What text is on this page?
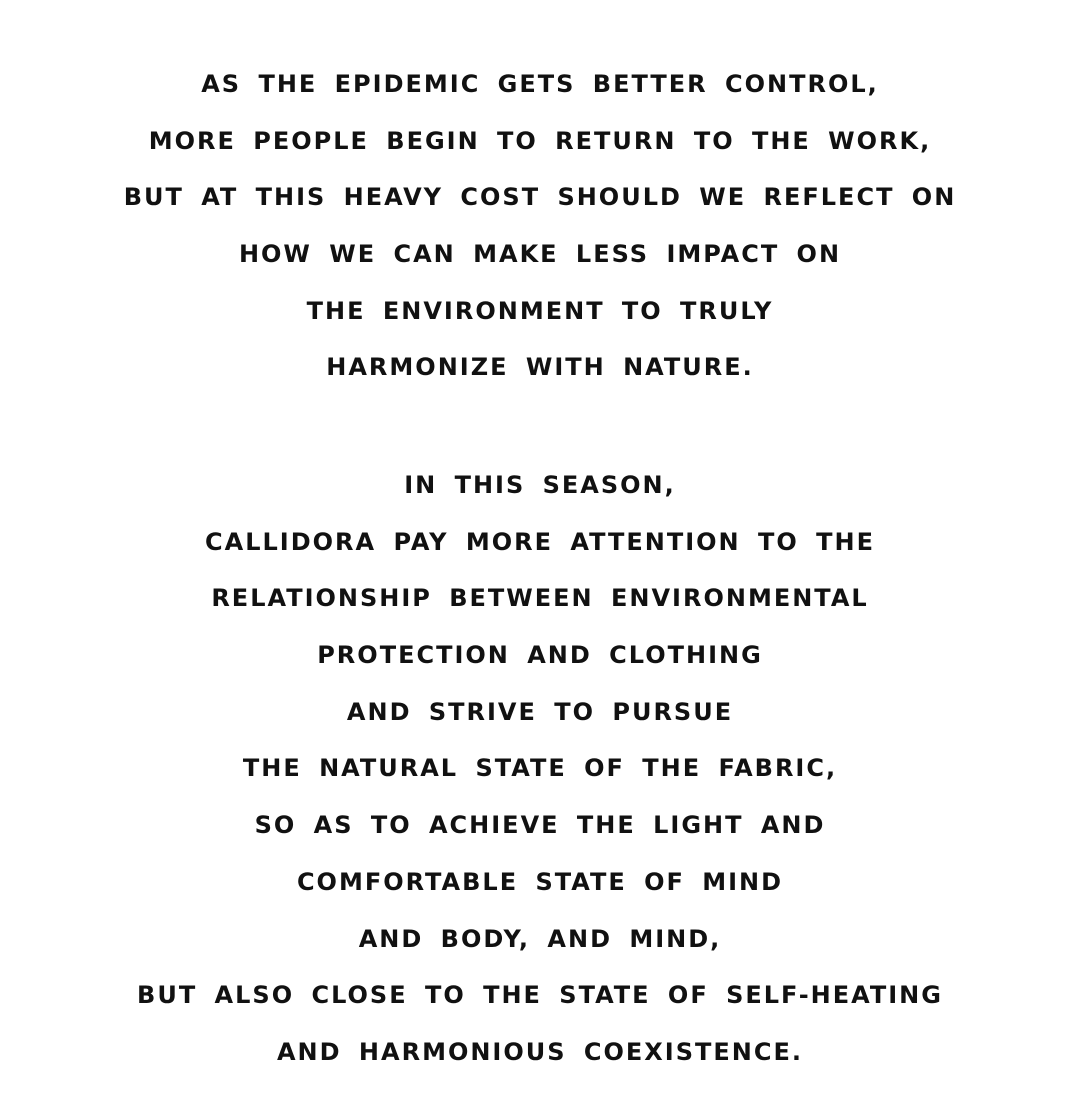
AS THE EPIDEMIC GETS BETTER CONTROL,
MORE PEOPLE BEGIN TO RETURN TO THE WORK,
BUT AT THIS HEAVY COST SHOULD WE REFLECT ON
HOW WE CAN MAKE LESS IMPACT ON
THE ENVIRONMENT TO TRULY
HARMONIZE WITH NATURE.
IN THIS SEASON,
CALLIDORA PAY MORE ATTENTION TO THE
RELATIONSHIP BETWEEN ENVIRONMENTAL
PROTECTION AND CLOTHING
AND STRIVE TO PURSUE
THE NATURAL STATE OF THE FABRIC,
SO AS TO ACHIEVE THE LIGHT AND
COMFORTABLE STATE OF MIND
AND BODY, AND MIND,
BUT ALSO CLOSE TO THE STATE OF SELF-HEATING
AND HARMONIOUS COEXISTENCE.
